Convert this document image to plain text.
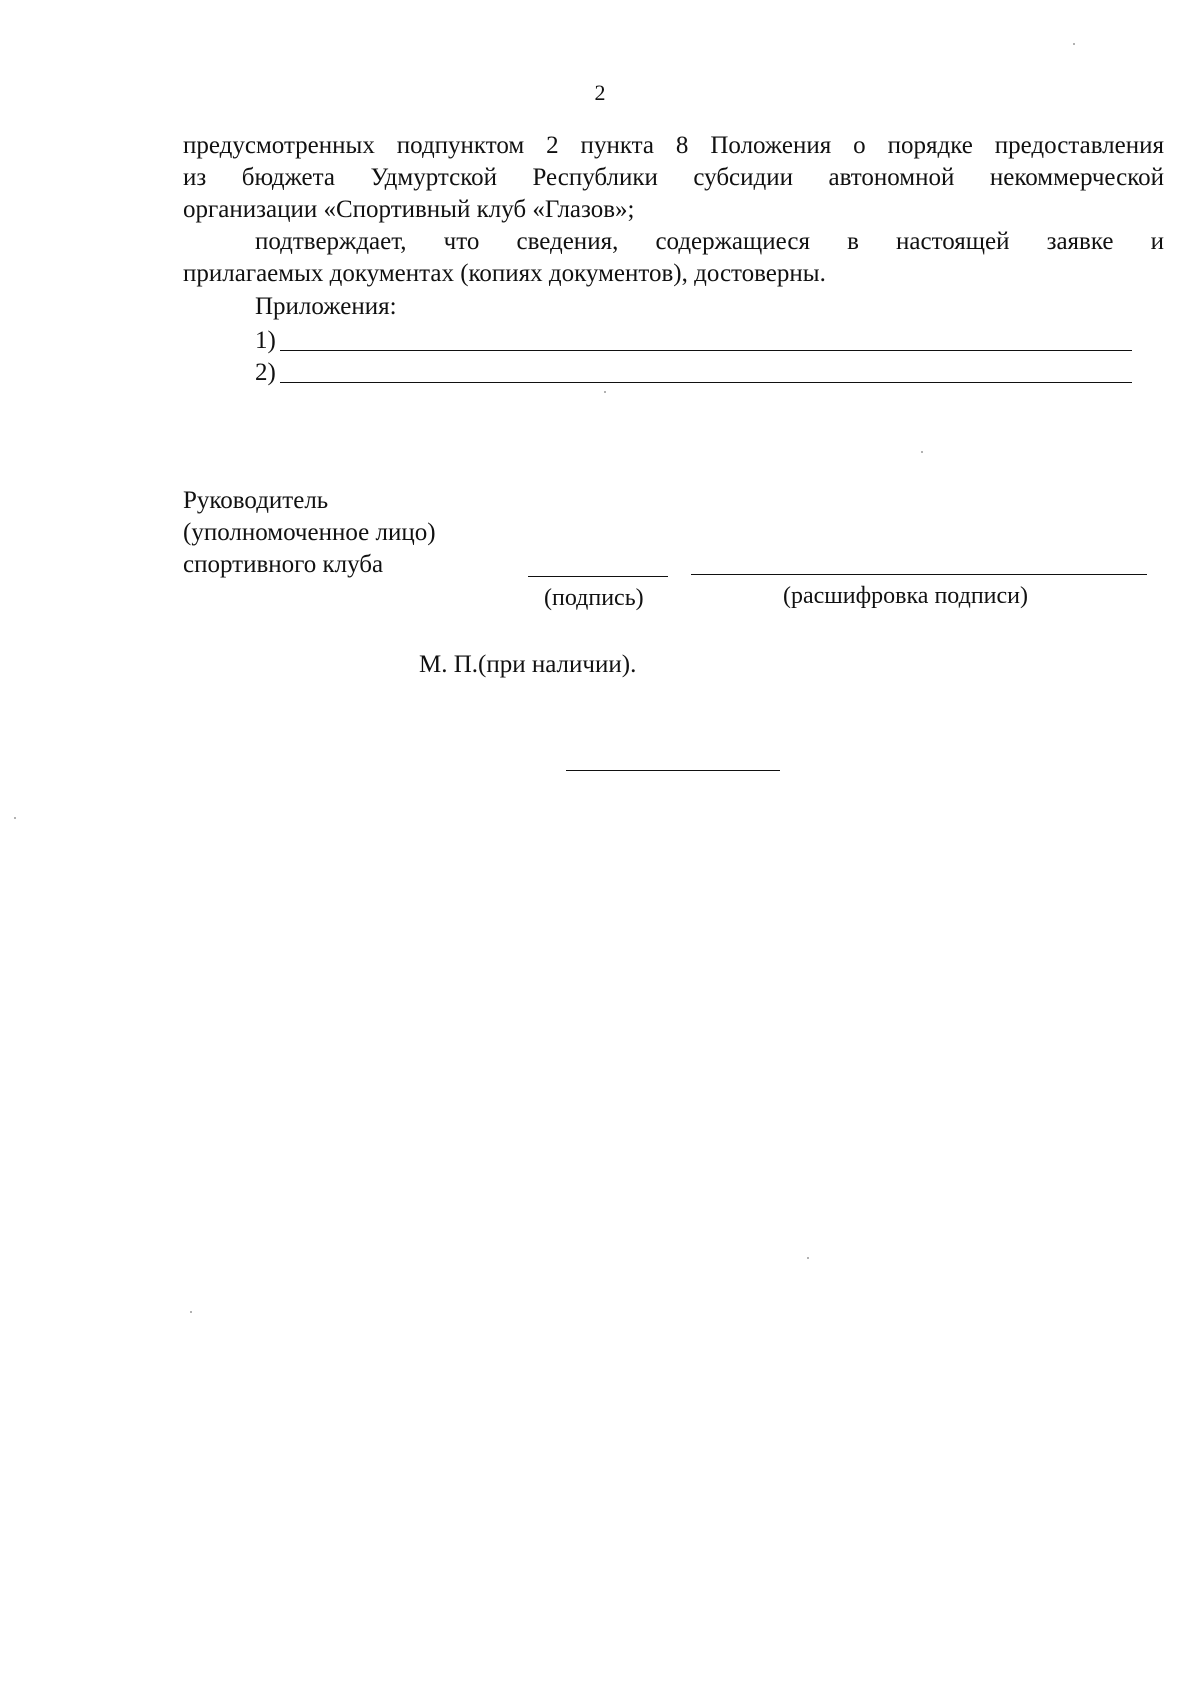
2
предусмотренных подпунктом 2 пункта 8 Положения о порядке предоставления
из бюджета Удмуртской Республики субсидии автономной некоммерческой
организации «Спортивный клуб «Глазов»;
подтверждает, что сведения, содержащиеся в настоящей заявке и
прилагаемых документах (копиях документов), достоверны.
Приложения:
1)
2)
Руководитель
(уполномоченное лицо)
спортивного клуба
(подпись)	(расшифровка подписи)
М. П.(при наличии).
